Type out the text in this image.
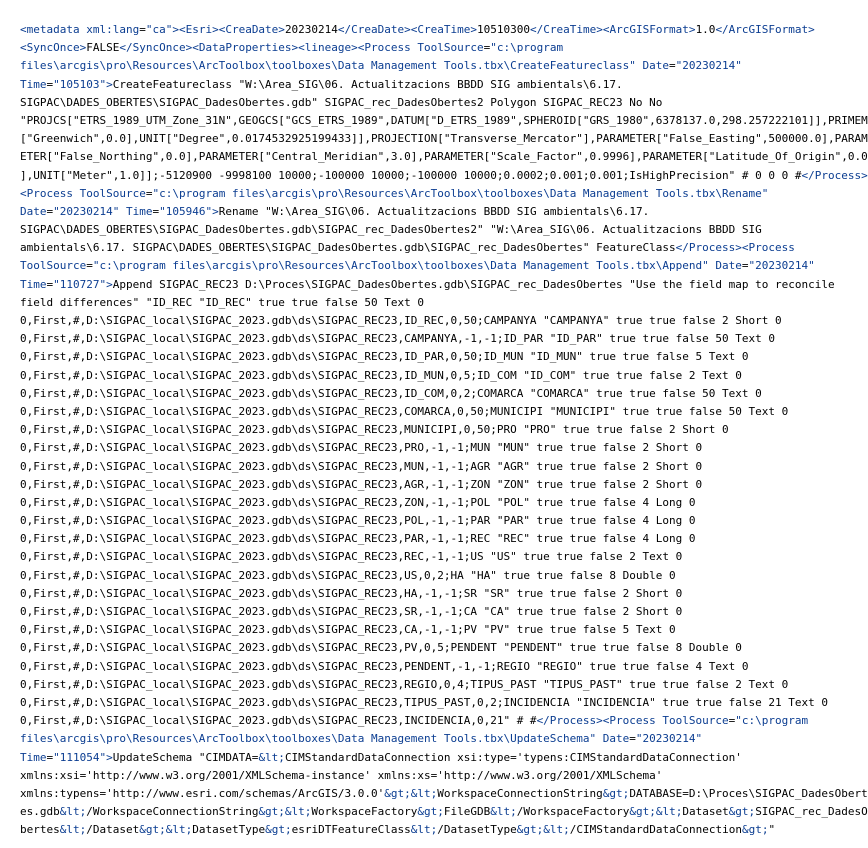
<metadata xml:lang="ca"><Esri><CreaDate>20230214</CreaDate><CreaTime>10510300</CreaTime><ArcGISFormat>1.0</ArcGISFormat>
<SyncOnce>FALSE</SyncOnce><DataProperties><lineage><Process ToolSource="c:\program
files\arcgis\pro\Resources\ArcToolbox\toolboxes\Data Management Tools.tbx\CreateFeatureclass" Date="20230214"
Time="105103">CreateFeatureclass "W:\Area_SIG\06. Actualitzacions BBDD SIG ambientals\6.17.
SIGPAC\DADES_OBERTES\SIGPAC_DadesObertes.gdb" SIGPAC_rec_DadesObertes2 Polygon SIGPAC_REC23 No No
"PROJCS["ETRS_1989_UTM_Zone_31N",GEOGCS["GCS_ETRS_1989",DATUM["D_ETRS_1989",SPHEROID["GRS_1980",6378137.0,298.257222101]],PRIMEM
["Greenwich",0.0],UNIT["Degree",0.0174532925199433]],PROJECTION["Transverse_Mercator"],PARAMETER["False_Easting",500000.0],PARAM
ETER["False_Northing",0.0],PARAMETER["Central_Meridian",3.0],PARAMETER["Scale_Factor",0.9996],PARAMETER["Latitude_Of_Origin",0.0
],UNIT["Meter",1.0]];-5120900 -9998100 10000;-100000 10000;-100000 10000;0.0002;0.001;0.001;IsHighPrecision" # 0 0 0 #</Process>
<Process ToolSource="c:\program files\arcgis\pro\Resources\ArcToolbox\toolboxes\Data Management Tools.tbx\Rename"
Date="20230214" Time="105946">Rename "W:\Area_SIG\06. Actualitzacions BBDD SIG ambientals\6.17.
SIGPAC\DADES_OBERTES\SIGPAC_DadesObertes.gdb\SIGPAC_rec_DadesObertes2" "W:\Area_SIG\06. Actualitzacions BBDD SIG
ambientals\6.17. SIGPAC\DADES_OBERTES\SIGPAC_DadesObertes.gdb\SIGPAC_rec_DadesObertes" FeatureClass</Process><Process
ToolSource="c:\program files\arcgis\pro\Resources\ArcToolbox\toolboxes\Data Management Tools.tbx\Append" Date="20230214"
Time="110727">Append SIGPAC_REC23 D:\Proces\SIGPAC_DadesObertes.gdb\SIGPAC_rec_DadesObertes "Use the field map to reconcile
field differences" "ID_REC "ID_REC" true true false 50 Text 0
0,First,#,D:\SIGPAC_local\SIGPAC_2023.gdb\ds\SIGPAC_REC23,ID_REC,0,50;CAMPANYA "CAMPANYA" true true false 2 Short 0
0,First,#,D:\SIGPAC_local\SIGPAC_2023.gdb\ds\SIGPAC_REC23,CAMPANYA,-1,-1;ID_PAR "ID_PAR" true true false 50 Text 0
0,First,#,D:\SIGPAC_local\SIGPAC_2023.gdb\ds\SIGPAC_REC23,ID_PAR,0,50;ID_MUN "ID_MUN" true true false 5 Text 0
0,First,#,D:\SIGPAC_local\SIGPAC_2023.gdb\ds\SIGPAC_REC23,ID_MUN,0,5;ID_COM "ID_COM" true true false 2 Text 0
0,First,#,D:\SIGPAC_local\SIGPAC_2023.gdb\ds\SIGPAC_REC23,ID_COM,0,2;COMARCA "COMARCA" true true false 50 Text 0
0,First,#,D:\SIGPAC_local\SIGPAC_2023.gdb\ds\SIGPAC_REC23,COMARCA,0,50;MUNICIPI "MUNICIPI" true true false 50 Text 0
0,First,#,D:\SIGPAC_local\SIGPAC_2023.gdb\ds\SIGPAC_REC23,MUNICIPI,0,50;PRO "PRO" true true false 2 Short 0
0,First,#,D:\SIGPAC_local\SIGPAC_2023.gdb\ds\SIGPAC_REC23,PRO,-1,-1;MUN "MUN" true true false 2 Short 0
0,First,#,D:\SIGPAC_local\SIGPAC_2023.gdb\ds\SIGPAC_REC23,MUN,-1,-1;AGR "AGR" true true false 2 Short 0
0,First,#,D:\SIGPAC_local\SIGPAC_2023.gdb\ds\SIGPAC_REC23,AGR,-1,-1;ZON "ZON" true true false 2 Short 0
0,First,#,D:\SIGPAC_local\SIGPAC_2023.gdb\ds\SIGPAC_REC23,ZON,-1,-1;POL "POL" true true false 4 Long 0
0,First,#,D:\SIGPAC_local\SIGPAC_2023.gdb\ds\SIGPAC_REC23,POL,-1,-1;PAR "PAR" true true false 4 Long 0
0,First,#,D:\SIGPAC_local\SIGPAC_2023.gdb\ds\SIGPAC_REC23,PAR,-1,-1;REC "REC" true true false 4 Long 0
0,First,#,D:\SIGPAC_local\SIGPAC_2023.gdb\ds\SIGPAC_REC23,REC,-1,-1;US "US" true true false 2 Text 0
0,First,#,D:\SIGPAC_local\SIGPAC_2023.gdb\ds\SIGPAC_REC23,US,0,2;HA "HA" true true false 8 Double 0
0,First,#,D:\SIGPAC_local\SIGPAC_2023.gdb\ds\SIGPAC_REC23,HA,-1,-1;SR "SR" true true false 2 Short 0
0,First,#,D:\SIGPAC_local\SIGPAC_2023.gdb\ds\SIGPAC_REC23,SR,-1,-1;CA "CA" true true false 2 Short 0
0,First,#,D:\SIGPAC_local\SIGPAC_2023.gdb\ds\SIGPAC_REC23,CA,-1,-1;PV "PV" true true false 5 Text 0
0,First,#,D:\SIGPAC_local\SIGPAC_2023.gdb\ds\SIGPAC_REC23,PV,0,5;PENDENT "PENDENT" true true false 8 Double 0
0,First,#,D:\SIGPAC_local\SIGPAC_2023.gdb\ds\SIGPAC_REC23,PENDENT,-1,-1;REGIO "REGIO" true true false 4 Text 0
0,First,#,D:\SIGPAC_local\SIGPAC_2023.gdb\ds\SIGPAC_REC23,REGIO,0,4;TIPUS_PAST "TIPUS_PAST" true true false 2 Text 0
0,First,#,D:\SIGPAC_local\SIGPAC_2023.gdb\ds\SIGPAC_REC23,TIPUS_PAST,0,2;INCIDENCIA "INCIDENCIA" true true false 21 Text 0
0,First,#,D:\SIGPAC_local\SIGPAC_2023.gdb\ds\SIGPAC_REC23,INCIDENCIA,0,21" # #</Process><Process ToolSource="c:\program
files\arcgis\pro\Resources\ArcToolbox\toolboxes\Data Management Tools.tbx\UpdateSchema" Date="20230214"
Time="111054">UpdateSchema "CIMDATA=&lt;CIMStandardDataConnection xsi:type='typens:CIMStandardDataConnection'
xmlns:xsi='http://www.w3.org/2001/XMLSchema-instance' xmlns:xs='http://www.w3.org/2001/XMLSchema'
xmlns:typens='http://www.esri.com/schemas/ArcGIS/3.0.0'&gt;&lt;WorkspaceConnectionString&gt;DATABASE=D:\Proces\SIGPAC_DadesObert
es.gdb&lt;/WorkspaceConnectionString&gt;&lt;WorkspaceFactory&gt;FileGDB&lt;/WorkspaceFactory&gt;&lt;Dataset&gt;SIGPAC_rec_DadesO
bertes&lt;/Dataset&gt;&lt;DatasetType&gt;esriDTFeatureClass&lt;/DatasetType&gt;&lt;/CIMStandardDataConnection&gt;"
